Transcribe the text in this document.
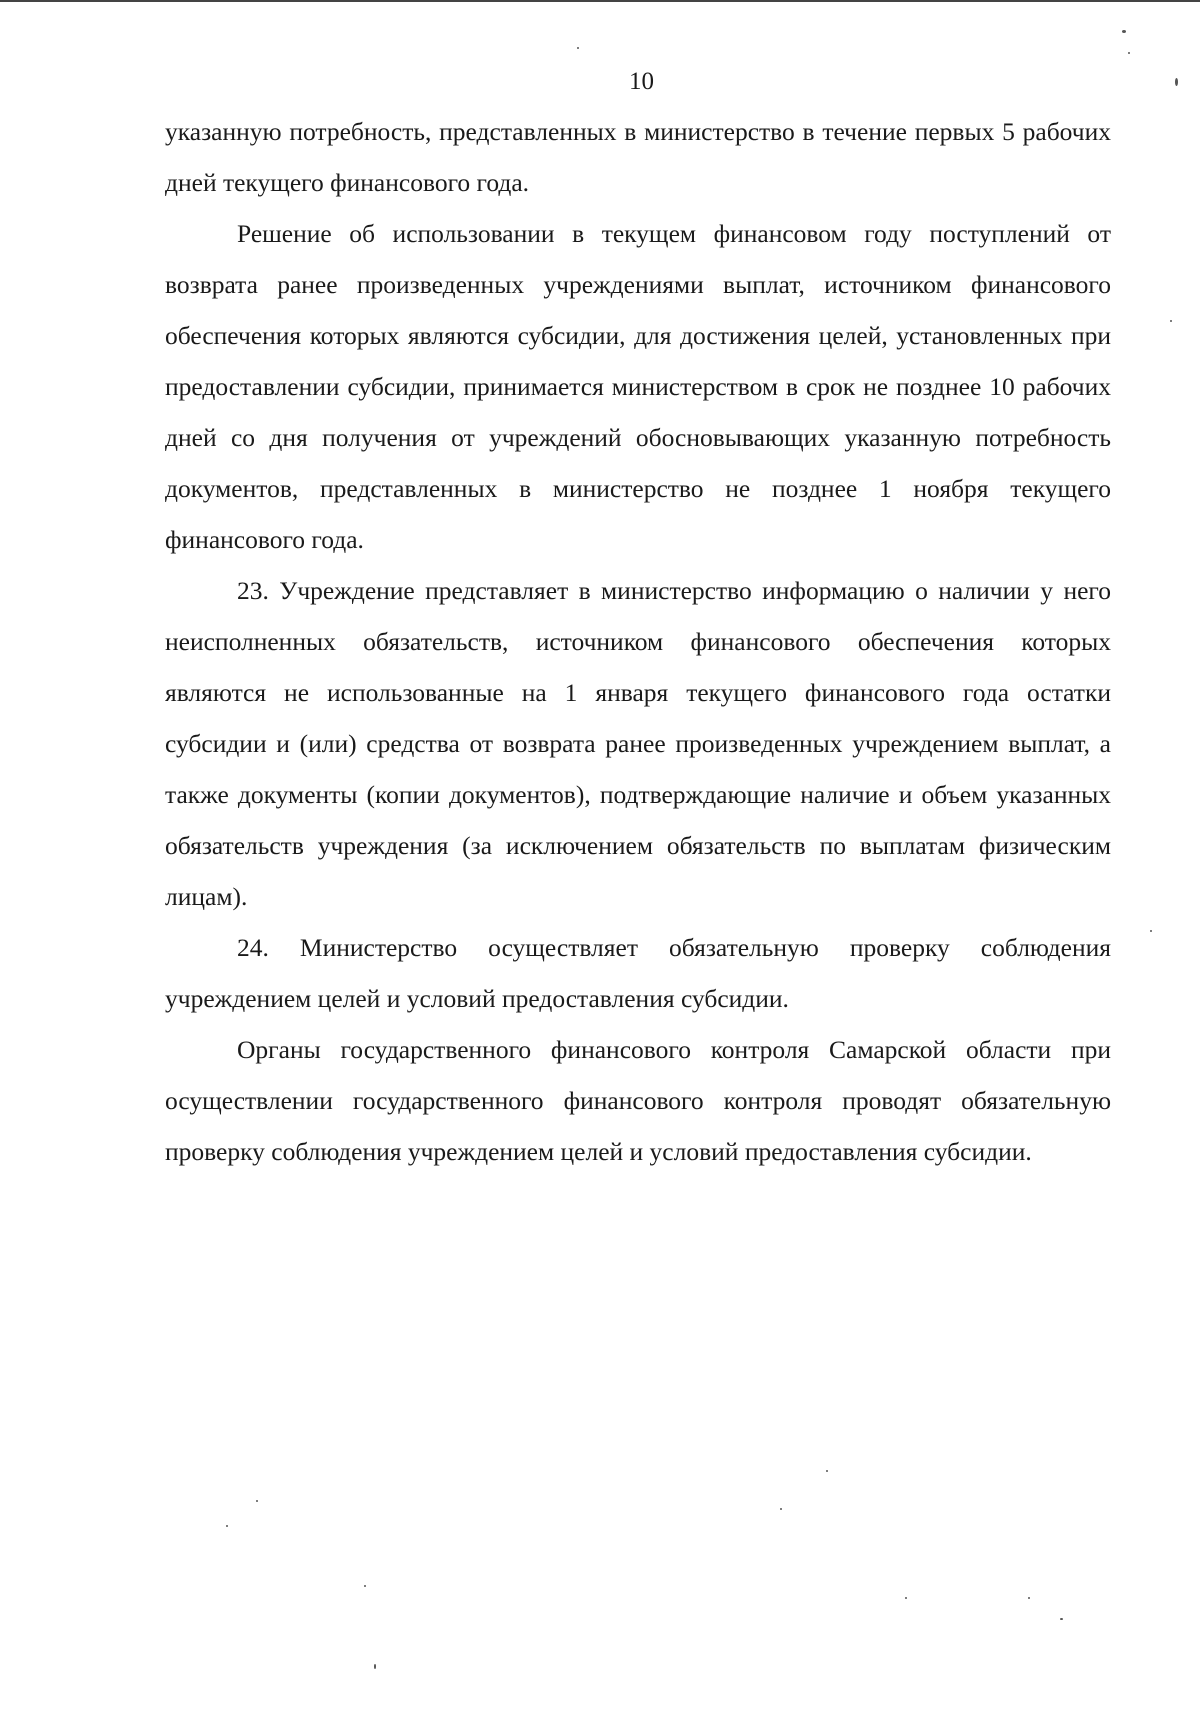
10

указанную потребность, представленных в министерство в течение первых 5 рабочих дней текущего финансового года.

Решение об использовании в текущем финансовом году поступлений от возврата ранее произведенных учреждениями выплат, источником финансового обеспечения которых являются субсидии, для достижения целей, установленных при предоставлении субсидии, принимается министерством в срок не позднее 10 рабочих дней со дня получения от учреждений обосновывающих указанную потребность документов, представленных в министерство не позднее 1 ноября текущего финансового года.

23. Учреждение представляет в министерство информацию о наличии у него неисполненных обязательств, источником финансового обеспечения которых являются не использованные на 1 января текущего финансового года остатки субсидии и (или) средства от возврата ранее произведенных учреждением выплат, а также документы (копии документов), подтверждающие наличие и объем указанных обязательств учреждения (за исключением обязательств по выплатам физическим лицам).

24. Министерство осуществляет обязательную проверку соблюдения учреждением целей и условий предоставления субсидии.

Органы государственного финансового контроля Самарской области при осуществлении государственного финансового контроля проводят обязательную проверку соблюдения учреждением целей и условий предоставления субсидии.
